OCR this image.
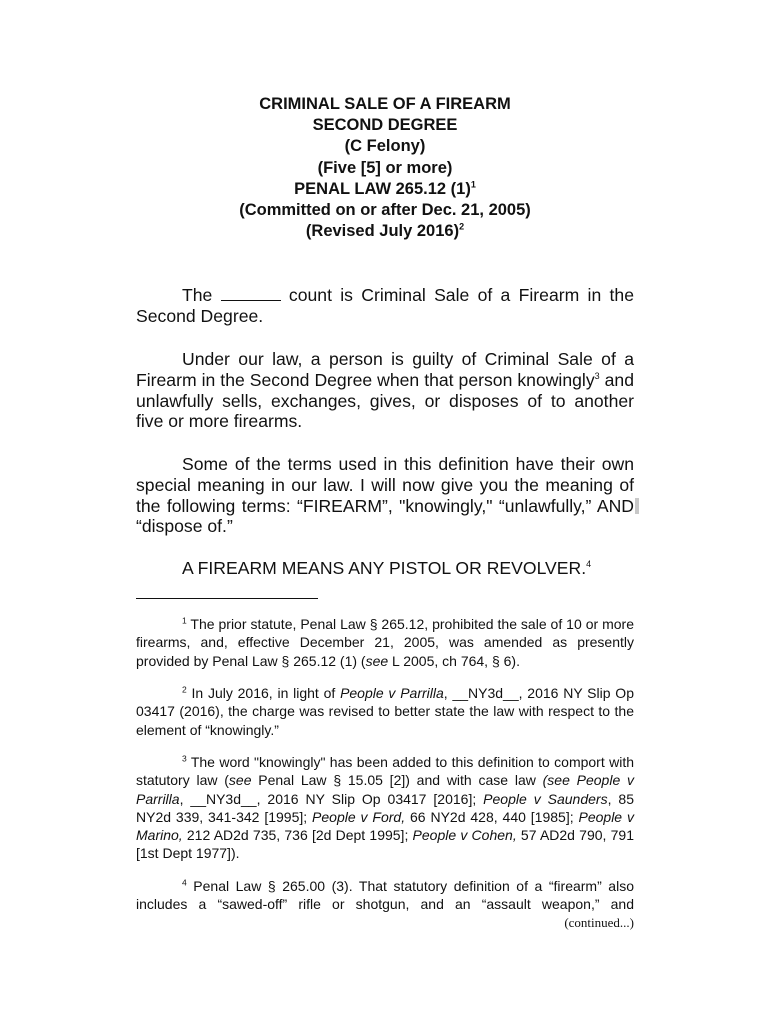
CRIMINAL SALE OF A FIREARM
SECOND DEGREE
(C Felony)
(Five [5] or more)
PENAL LAW 265.12 $(1)^1$
(Committed on or after Dec. 21, 2005)
(Revised July 2016)$^2$

The	count is Criminal Sale of a Firearm in the Second Degree.

Under our law, a person is guilty of Criminal Sale of a Firearm in the Second Degree when that person knowingly$^3$ and unlawfully sells, exchanges, gives, or disposes of to another five or more firearms.

Some of the terms used in this definition have their own special meaning in our law. I will now give you the meaning of the following terms: “FIREARM”, "knowingly," “unlawfully,” AND “dispose of.”

A FIREARM MEANS ANY PISTOL OR REVOLVER.$^4$

$^1$ The prior statute, Penal Law § 265.12, prohibited the sale of 10 or more firearms, and, effective December 21, 2005, was amended as presently provided by Penal Law § 265.12 (1) (see L 2005, ch 764, § 6).

$^2$ In July 2016, in light of People v Parrilla, __NY3d__, 2016 NY Slip Op 03417 (2016), the charge was revised to better state the law with respect to the element of “knowingly.”

$^3$ The word "knowingly" has been added to this definition to comport with statutory law (see Penal Law § 15.05 [2]) and with case law (see People v Parrilla, __NY3d__, 2016 NY Slip Op 03417 [2016]; People v Saunders, 85 NY2d 339, 341-342 [1995]; People v Ford, 66 NY2d 428, 440 [1985]; People v Marino, 212 AD2d 735, 736 [2d Dept 1995]; People v Cohen, 57 AD2d 790, 791 [1st Dept 1977]).

$^4$ Penal Law § 265.00 (3). That statutory definition of a “firearm” also includes a “sawed-off” rifle or shotgun, and an “assault weapon,” and

(continued...)
